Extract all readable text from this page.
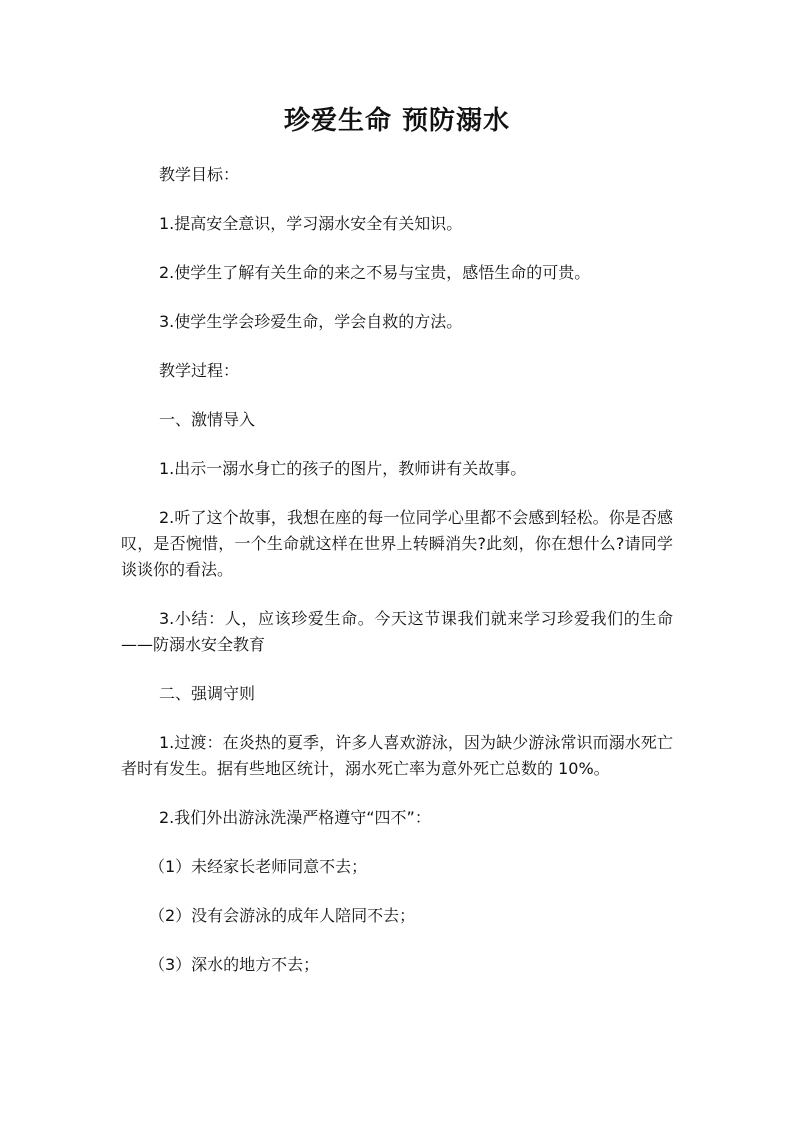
珍爱生命 预防溺水

教学目标：

1.提高安全意识，学习溺水安全有关知识。

2.使学生了解有关生命的来之不易与宝贵，感悟生命的可贵。

3.使学生学会珍爱生命，学会自救的方法。

教学过程：

一、激情导入

1.出示一溺水身亡的孩子的图片，教师讲有关故事。

2.听了这个故事，我想在座的每一位同学心里都不会感到轻松。你是否感叹，是否惋惜，一个生命就这样在世界上转瞬消失?此刻，你在想什么?请同学谈谈你的看法。

3.小结：人，应该珍爱生命。今天这节课我们就来学习珍爱我们的生命——防溺水安全教育

二、强调守则

1.过渡：在炎热的夏季，许多人喜欢游泳，因为缺少游泳常识而溺水死亡者时有发生。据有些地区统计，溺水死亡率为意外死亡总数的 10%。

2.我们外出游泳洗澡严格遵守“四不”：

（1）未经家长老师同意不去；

（2）没有会游泳的成年人陪同不去；

（3）深水的地方不去；
